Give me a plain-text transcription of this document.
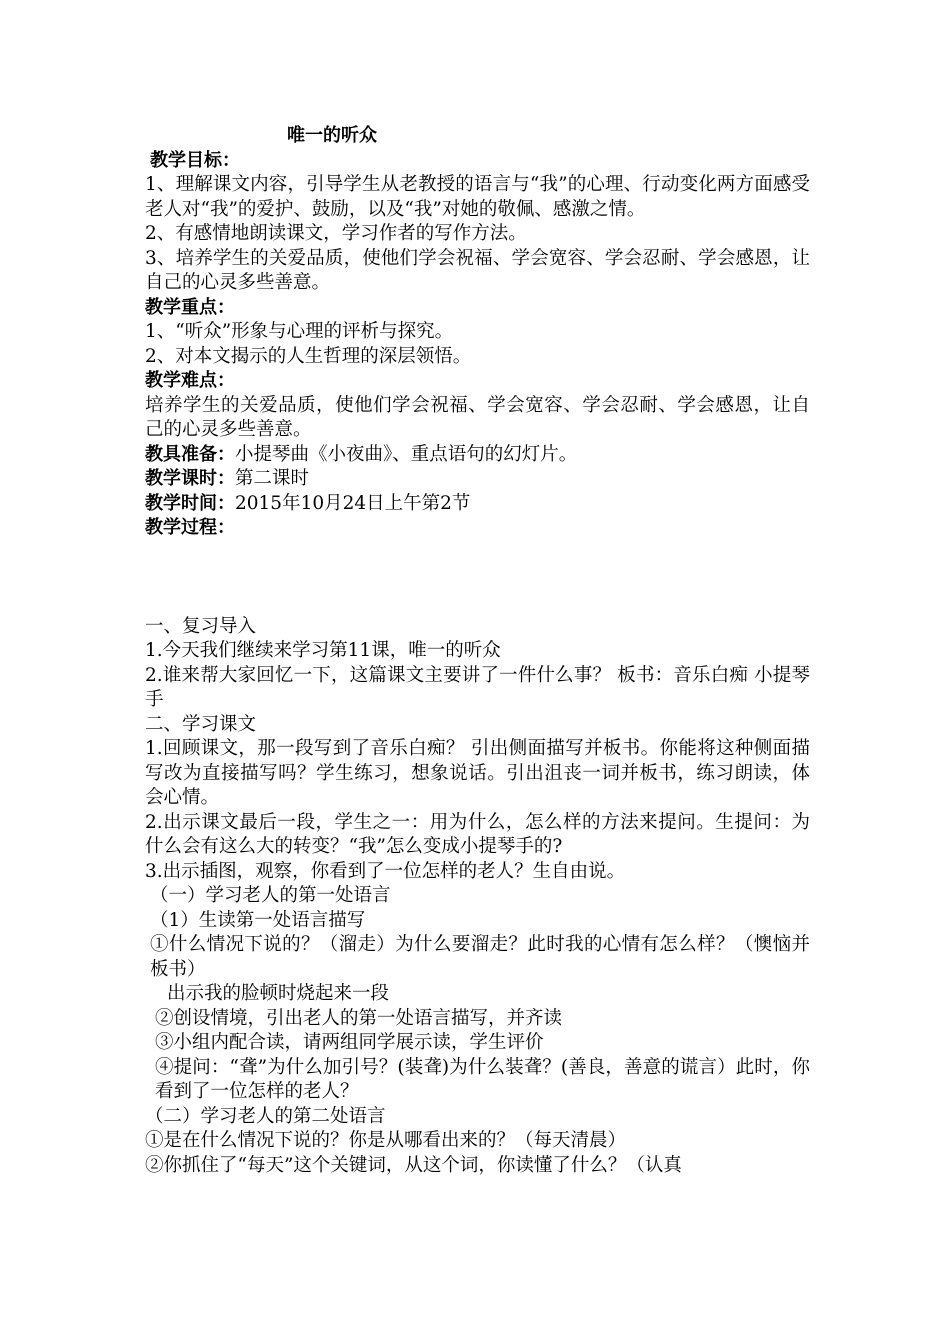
唯一的听众

教学目标：

1、理解课文内容，引导学生从老教授的语言与“我”的心理、行动变化两方面感受老人对“我”的爱护、鼓励，以及“我”对她的敬佩、感激之情。

2、有感情地朗读课文，学习作者的写作方法。

3、培养学生的关爱品质，使他们学会祝福、学会宽容、学会忍耐、学会感恩，让自己的心灵多些善意。

教学重点：

1、“听众”形象与心理的评析与探究。

2、对本文揭示的人生哲理的深层领悟。

教学难点：

培养学生的关爱品质，使他们学会祝福、学会宽容、学会忍耐、学会感恩，让自己的心灵多些善意。

教具准备：小提琴曲《小夜曲》、重点语句的幻灯片。

教学课时：第二课时

教学时间：2015年10月24日上午第2节

教学过程：

一、复习导入

1.今天我们继续来学习第11课，唯一的听众

2.谁来帮大家回忆一下，这篇课文主要讲了一件什么事？ 板书：音乐白痴 小提琴手

二、学习课文

1.回顾课文，那一段写到了音乐白痴？ 引出侧面描写并板书。你能将这种侧面描写改为直接描写吗？学生练习，想象说话。引出沮丧一词并板书，练习朗读，体会心情。

2.出示课文最后一段，学生之一：用为什么，怎么样的方法来提问。生提问：为什么会有这么大的转变？“我”怎么变成小提琴手的?

3.出示插图，观察，你看到了一位怎样的老人？生自由说。

（一）学习老人的第一处语言

（1）生读第一处语言描写

①什么情况下说的？（溜走）为什么要溜走？此时我的心情有怎么样？（懊恼并板书）

出示我的脸顿时烧起来一段

②创设情境，引出老人的第一处语言描写，并齐读

③小组内配合读，请两组同学展示读，学生评价

④提问：“聋”为什么加引号？(装聋)为什么装聋？(善良，善意的谎言）此时，你看到了一位怎样的老人？

（二）学习老人的第二处语言

①是在什么情况下说的？你是从哪看出来的？（每天清晨）

②你抓住了“每天”这个关键词，从这个词，你读懂了什么？（认真
